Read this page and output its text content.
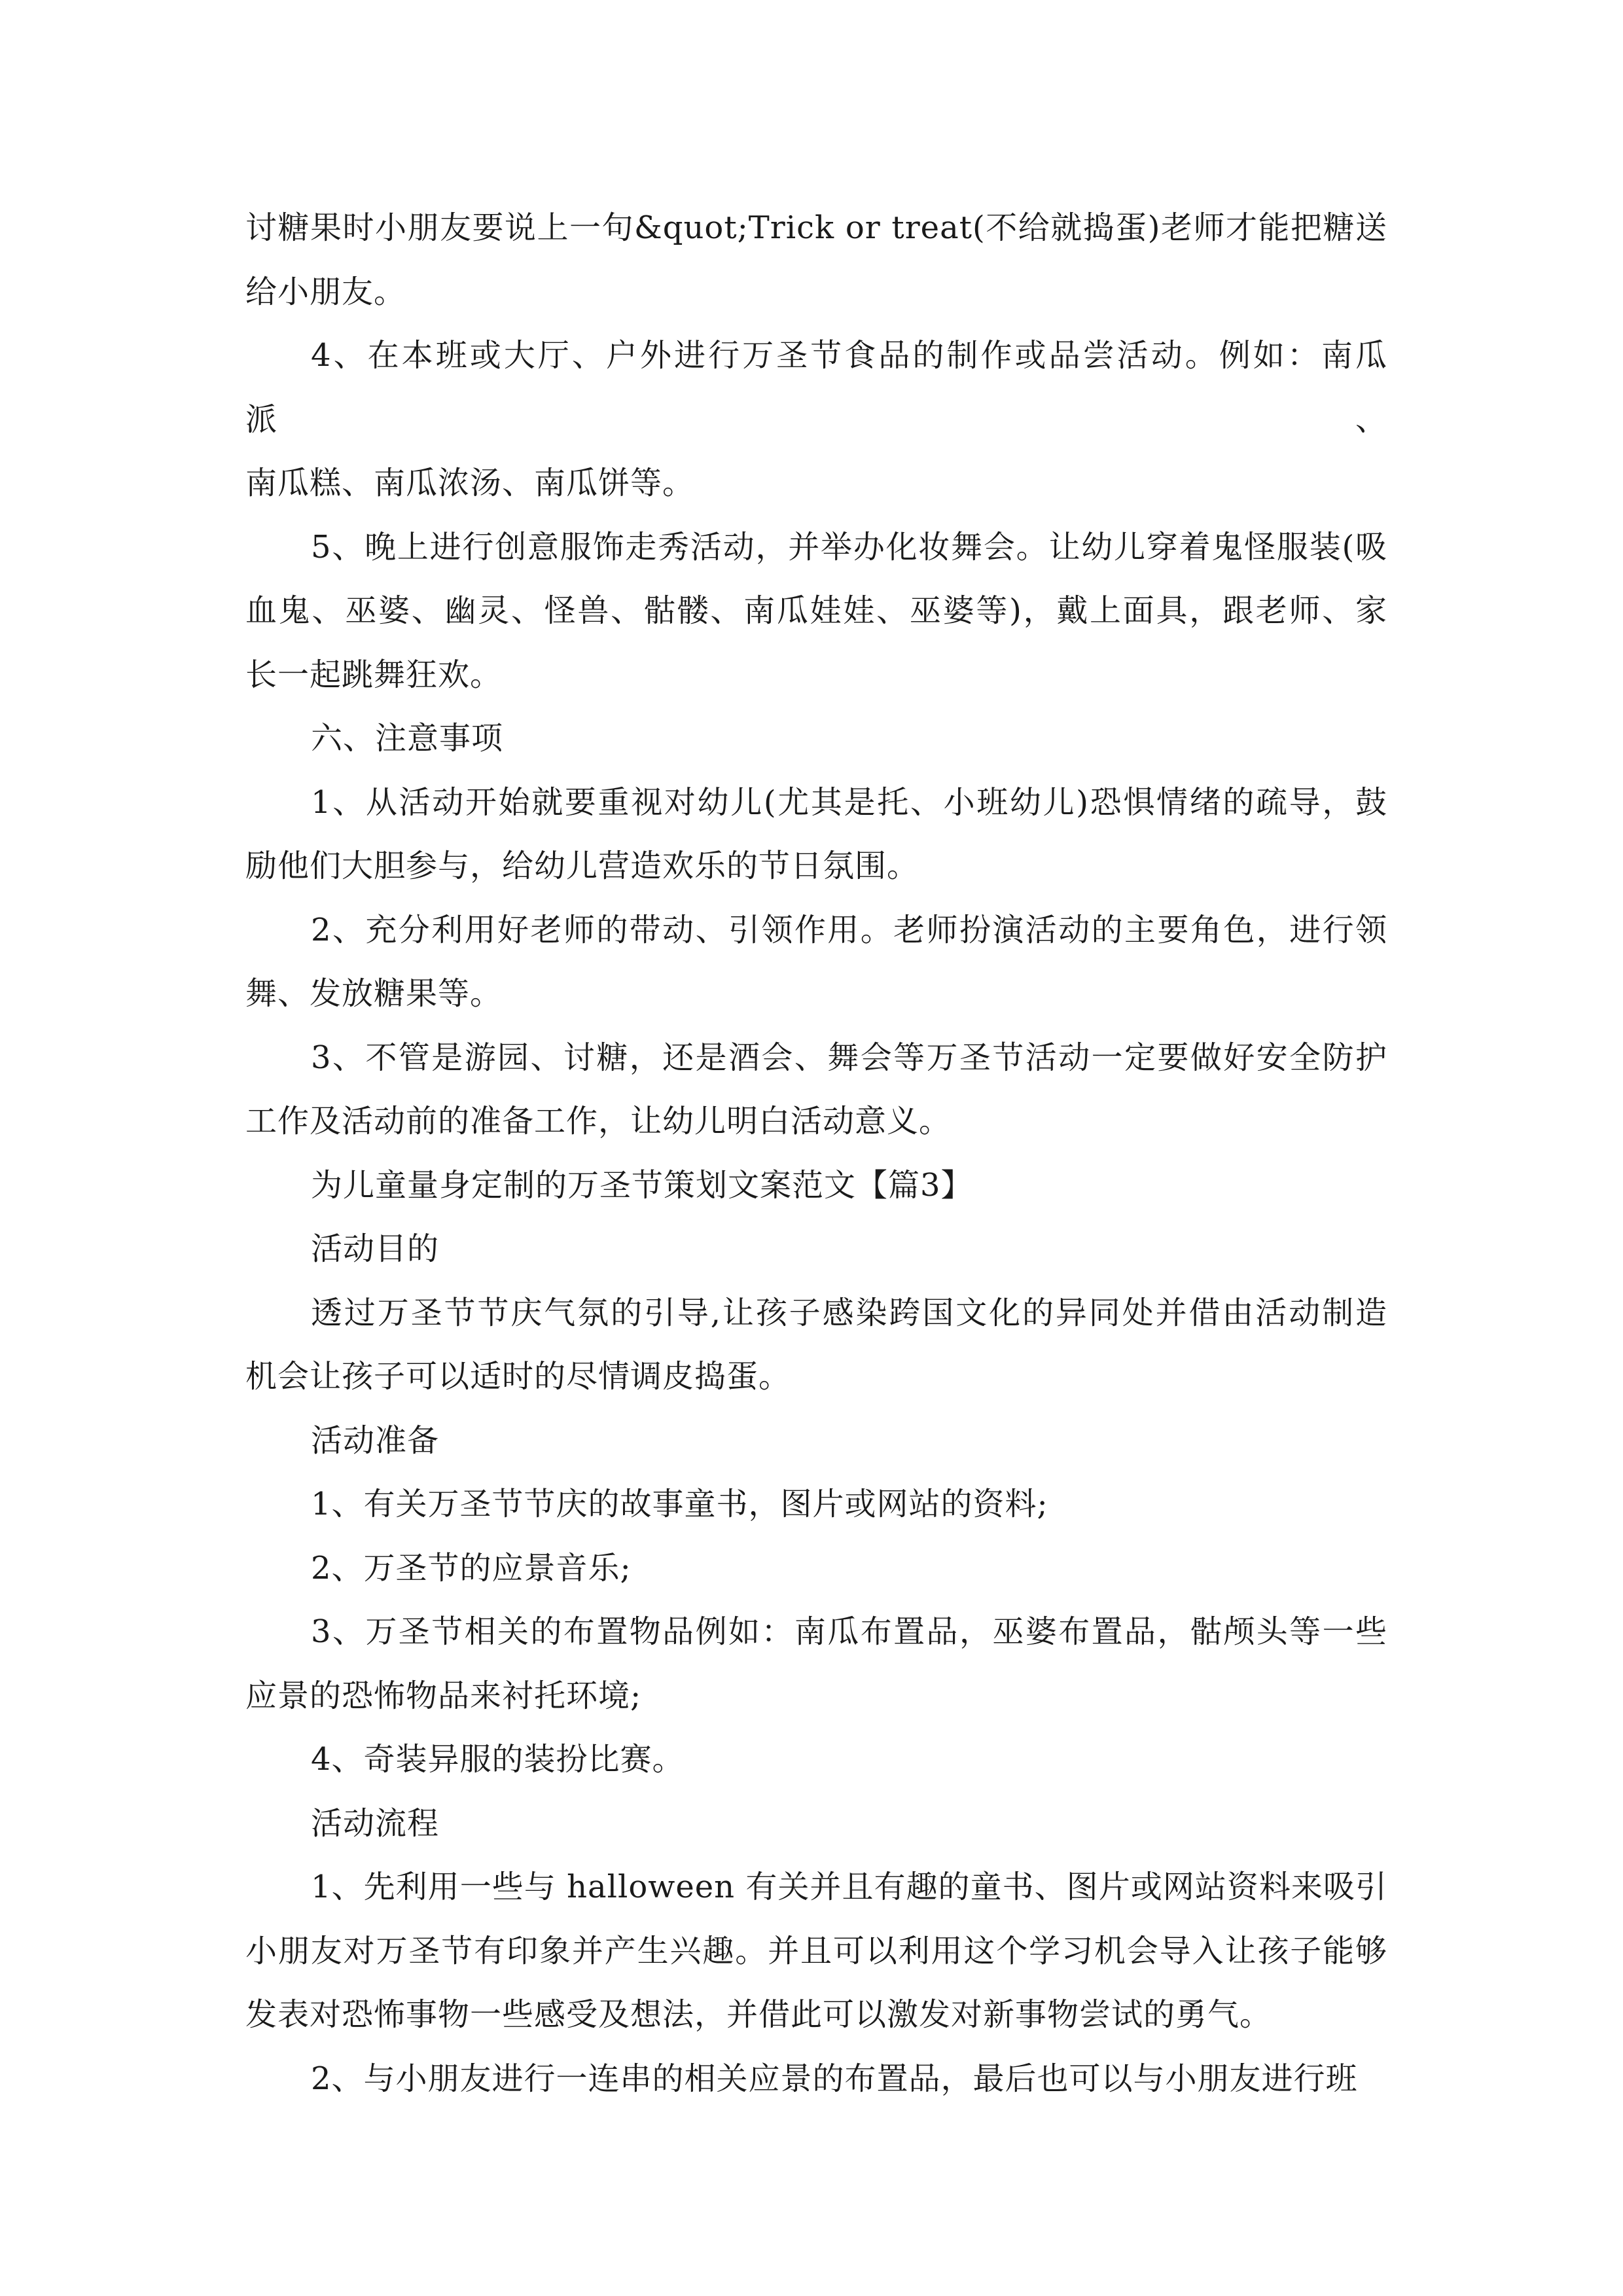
讨糖果时小朋友要说上一句&quot;Trick or treat(不给就捣蛋)老师才能把糖送
给小朋友。
4、在本班或大厅、户外进行万圣节食品的制作或品尝活动。例如：南瓜派、
南瓜糕、南瓜浓汤、南瓜饼等。
5、晚上进行创意服饰走秀活动，并举办化妆舞会。让幼儿穿着鬼怪服装(吸
血鬼、巫婆、幽灵、怪兽、骷髅、南瓜娃娃、巫婆等)，戴上面具，跟老师、家
长一起跳舞狂欢。
六、注意事项
1、从活动开始就要重视对幼儿(尤其是托、小班幼儿)恐惧情绪的疏导，鼓
励他们大胆参与，给幼儿营造欢乐的节日氛围。
2、充分利用好老师的带动、引领作用。老师扮演活动的主要角色，进行领
舞、发放糖果等。
3、不管是游园、讨糖，还是酒会、舞会等万圣节活动一定要做好安全防护
工作及活动前的准备工作，让幼儿明白活动意义。
为儿童量身定制的万圣节策划文案范文【篇3】
活动目的
透过万圣节节庆气氛的引导,让孩子感染跨国文化的异同处并借由活动制造
机会让孩子可以适时的尽情调皮捣蛋。
活动准备
1、有关万圣节节庆的故事童书，图片或网站的资料;
2、万圣节的应景音乐;
3、万圣节相关的布置物品例如：南瓜布置品，巫婆布置品，骷颅头等一些
应景的恐怖物品来衬托环境;
4、奇装异服的装扮比赛。
活动流程
1、先利用一些与 halloween 有关并且有趣的童书、图片或网站资料来吸引
小朋友对万圣节有印象并产生兴趣。并且可以利用这个学习机会导入让孩子能够
发表对恐怖事物一些感受及想法，并借此可以激发对新事物尝试的勇气。
2、与小朋友进行一连串的相关应景的布置品，最后也可以与小朋友进行班
